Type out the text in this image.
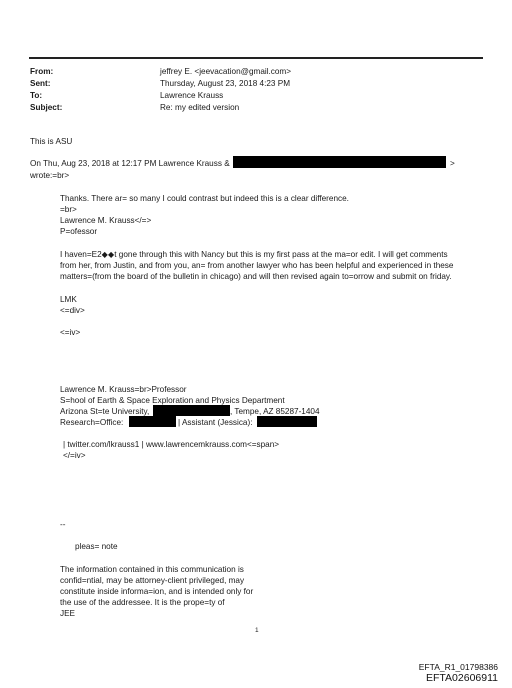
From:	jeffrey E. <jeevacation@gmail.com>
Sent:	Thursday, August 23, 2018 4:23 PM
To:	Lawrence Krauss
Subject:	Re: my edited version
This is ASU
On Thu, Aug 23, 2018 at 12:17 PM Lawrence Krauss &	>
wrote:=br>
Thanks. There ar= so many I could contrast but indeed this is a clear difference.
=br>
Lawrence M. Krauss</=>
P=ofessor
I haven=E2◆◆t gone through this with Nancy but this is my first pass at the ma=or edit. I will get comments
from her, from Justin, and from you, an= from another lawyer who has been helpful and experienced in these
matters=(from the board of the bulletin in chicago) and will then revised again to=orrow and submit on friday.
LMK
<=div>
<=iv>
Lawrence M. Krauss=br>Professor
S=hool of Earth & Space Exploration and Physics Department
Arizona St=te University,	, Tempe, AZ 85287-1404
Research=Office:	| Assistant (Jessica):
| twitter.com/lkrauss1 | www.lawrencemkrauss.com<=span>
</=iv>
--
pleas= note
The information contained in this communication is
confid=ntial, may be attorney-client privileged, may
constitute inside informa=ion, and is intended only for
the use of the addressee. It is the prope=ty of
JEE
1
EFTA_R1_01798386
EFTA02606911
